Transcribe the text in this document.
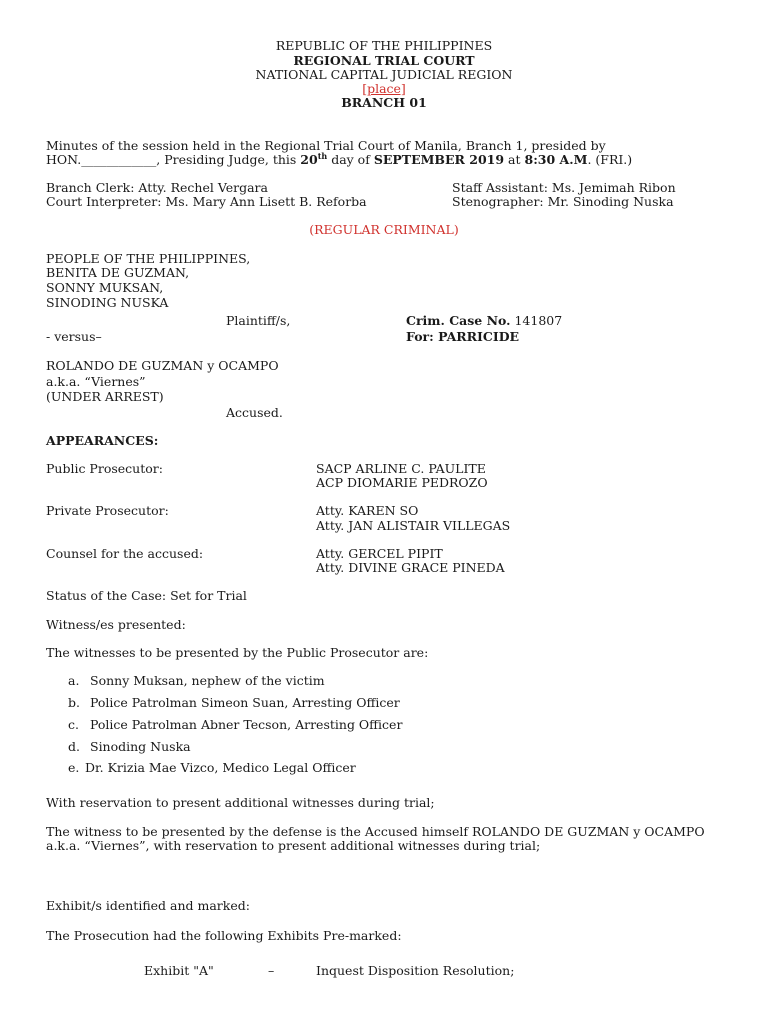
REPUBLIC OF THE PHILIPPINES
REGIONAL TRIAL COURT
NATIONAL CAPITAL JUDICIAL REGION
[place]
BRANCH 01
Minutes of the session held in the Regional Trial Court of Manila, Branch 1, presided by
HON.____________, Presiding Judge, this 20th day of SEPTEMBER 2019 at 8:30 A.M. (FRI.)
Branch Clerk: Atty. Rechel Vergara	Staff Assistant: Ms. Jemimah Ribon
Court Interpreter: Ms. Mary Ann Lisett B. Reforba	Stenographer: Mr. Sinoding Nuska
(REGULAR CRIMINAL)
PEOPLE OF THE PHILIPPINES,
BENITA DE GUZMAN,
SONNY MUKSAN,
SINODING NUSKA
Plaintiff/s,	Crim. Case No. 141807
- versus–	For: PARRICIDE
ROLANDO DE GUZMAN y OCAMPO
a.k.a. “Viernes”
(UNDER ARREST)
Accused.
APPEARANCES:
Public Prosecutor:	SACP ARLINE C. PAULITE
ACP DIOMARIE PEDROZO
Private Prosecutor:	Atty. KAREN SO
Atty. JAN ALISTAIR VILLEGAS
Counsel for the accused:	Atty. GERCEL PIPIT
Atty. DIVINE GRACE PINEDA
Status of the Case: Set for Trial
Witness/es presented:
The witnesses to be presented by the Public Prosecutor are:
a. Sonny Muksan, nephew of the victim
b. Police Patrolman Simeon Suan, Arresting Officer
c. Police Patrolman Abner Tecson, Arresting Officer
d. Sinoding Nuska
e. Dr. Krizia Mae Vizco, Medico Legal Officer
With reservation to present additional witnesses during trial;
The witness to be presented by the defense is the Accused himself ROLANDO DE GUZMAN y OCAMPO
a.k.a. “Viernes”, with reservation to present additional witnesses during trial;
Exhibit/s identified and marked:
The Prosecution had the following Exhibits Pre-marked:
Exhibit "A"	–	Inquest Disposition Resolution;
